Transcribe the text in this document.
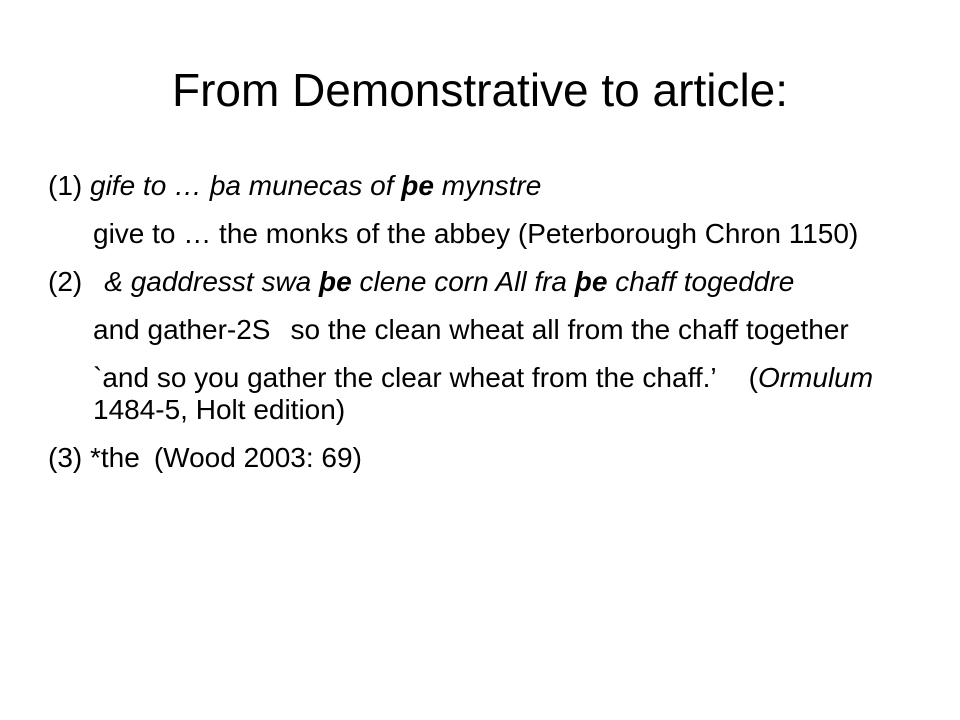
From Demonstrative to article:

(1) gife to … þa munecas of þe mynstre

give to … the monks of the abbey (Peterborough Chron 1150)

(2) & gaddresst swa þe clene corn All fra þe chaff togeddre

and gather-2S so the clean wheat all from the chaff together

`and so you gather the clear wheat from the chaff.’ (Ormulum 1484-5, Holt edition)

(3) *the (Wood 2003: 69)
